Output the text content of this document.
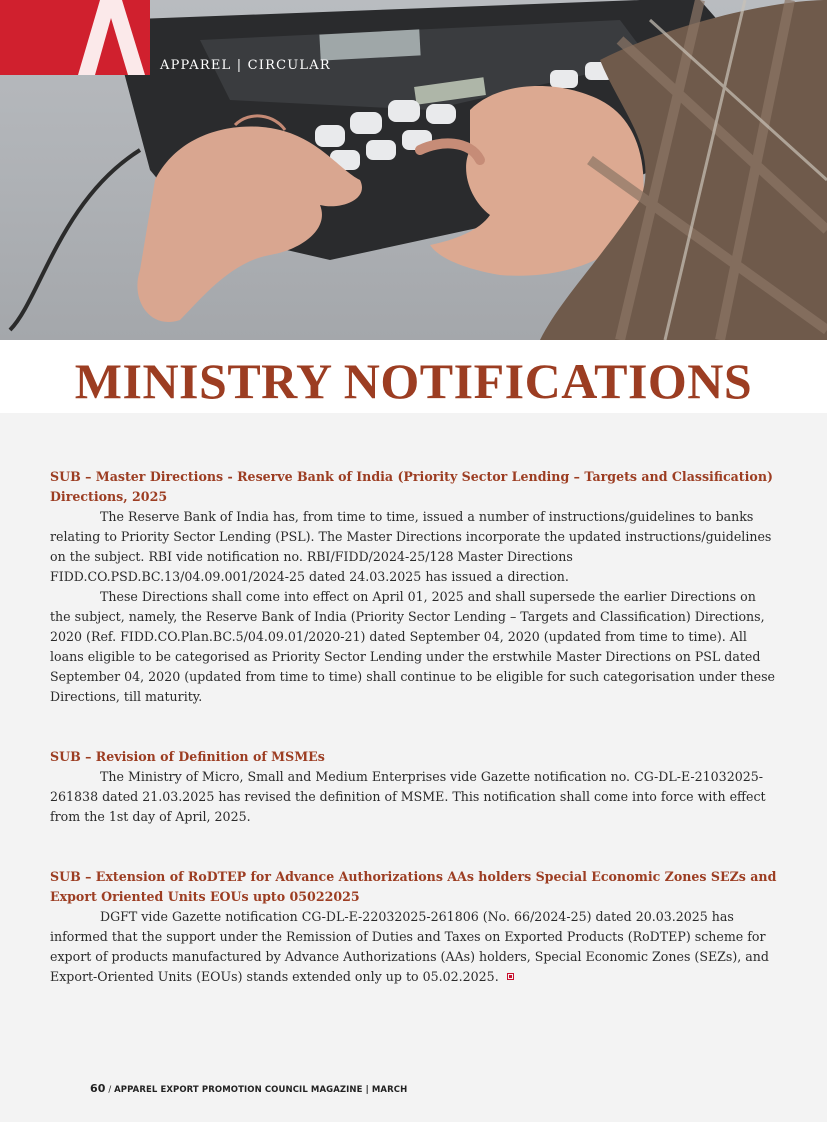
APPAREL | CIRCULAR
MINISTRY NOTIFICATIONS
SUB – Master Directions - Reserve Bank of India (Priority Sector Lending – Targets and Classification) Directions, 2025

The Reserve Bank of India has, from time to time, issued a number of instructions/guidelines to banks relating to Priority Sector Lending (PSL). The Master Directions incorporate the updated instructions/guidelines on the subject. RBI vide notification no. RBI/FIDD/2024-25/128 Master Directions FIDD.CO.PSD.BC.13/04.09.001/2024-25 dated 24.03.2025 has issued a direction.

These Directions shall come into effect on April 01, 2025 and shall supersede the earlier Directions on the subject, namely, the Reserve Bank of India (Priority Sector Lending – Targets and Classification) Directions, 2020 (Ref. FIDD.CO.Plan.BC.5/04.09.01/2020-21) dated September 04, 2020 (updated from time to time). All loans eligible to be categorised as Priority Sector Lending under the erstwhile Master Directions on PSL dated September 04, 2020 (updated from time to time) shall continue to be eligible for such categorisation under these Directions, till maturity.

SUB – Revision of Definition of MSMEs

The Ministry of Micro, Small and Medium Enterprises vide Gazette notification no. CG-DL-E-21032025-261838 dated 21.03.2025 has revised the definition of MSME. This notification shall come into force with effect from the 1st day of April, 2025.

SUB – Extension of RoDTEP for Advance Authorizations AAs holders Special Economic Zones SEZs and Export Oriented Units EOUs upto 05022025

DGFT vide Gazette notification CG-DL-E-22032025-261806 (No. 66/2024-25) dated 20.03.2025 has informed that the support under the Remission of Duties and Taxes on Exported Products (RoDTEP) scheme for export of products manufactured by Advance Authorizations (AAs) holders, Special Economic Zones (SEZs), and Export-Oriented Units (EOUs) stands extended only up to 05.02.2025.

60 / APPAREL EXPORT PROMOTION COUNCIL MAGAZINE | MARCH
